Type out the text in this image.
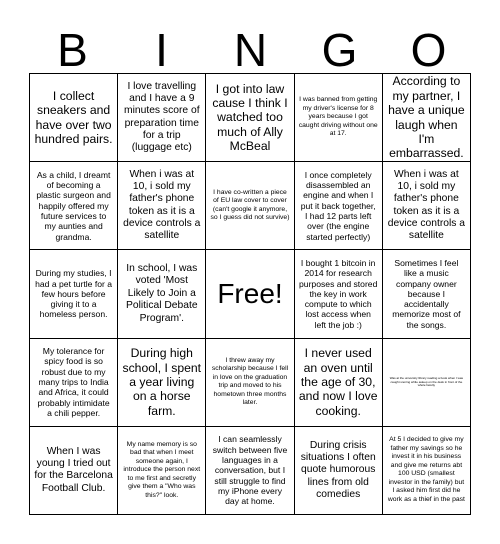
B	I	N	G	O
I collect sneakers and have over two hundred pairs.
I love travelling and I have a 9 minutes score of preparation time for a trip (luggage etc)
I got into law cause I think I watched too much of Ally McBeal
I was banned from getting my driver's license for 8 years because I got caught driving without one at 17.
According to my partner, I have a unique laugh when I'm embarrassed.
As a child, I dreamt of becoming a plastic surgeon and happily offered my future services to my aunties and grandma.
When i was at 10, i sold my father's phone token as it is a device controls a satellite
I have co-written a piece of EU law cover to cover (can't google it anymore, so I guess did not survive)
I once completely disassembled an engine and when I put it back together, I had 12 parts left over (the engine started perfectly)
When i was at 10, i sold my father's phone token as it is a device controls a satellite
During my studies, I had a pet turtle for a few hours before giving it to a homeless person.
In school, I was voted 'Most Likely to Join a Political Debate Program'.
Free!
I bought 1 bitcoin in 2014 for research purposes and stored the key in work compute to which lost access when left the job :)
Sometimes I feel like a music company owner because I accidentally memorize most of the songs.
My tolerance for spicy food is so robust due to my many trips to India and Africa, it could probably intimidate a chili pepper.
During high school, I spent a year living on a horse farm.
I threw away my scholarship because I fell in love on the graduation trip and moved to his hometown three months later.
I never used an oven until the age of 30, and now I love cooking.
Was at the university library reading a book when I was caught snoring while asleep on the desk in front of the whole faculty
When I was young I tried out for the Barcelona Football Club.
My name memory is so bad that when I meet someone again, I introduce the person next to me first and secretly give them a "Who was this?" look.
I can seamlessly switch between five languages in a conversation, but I still struggle to find my iPhone every day at home.
During crisis situations I often quote humorous lines from old comedies
At 5 I decided to give my father my savings so he invest it in his business and give me returns abt 100 USD (smallest investor in the family) but I asked him first did he work as a thief in the past
